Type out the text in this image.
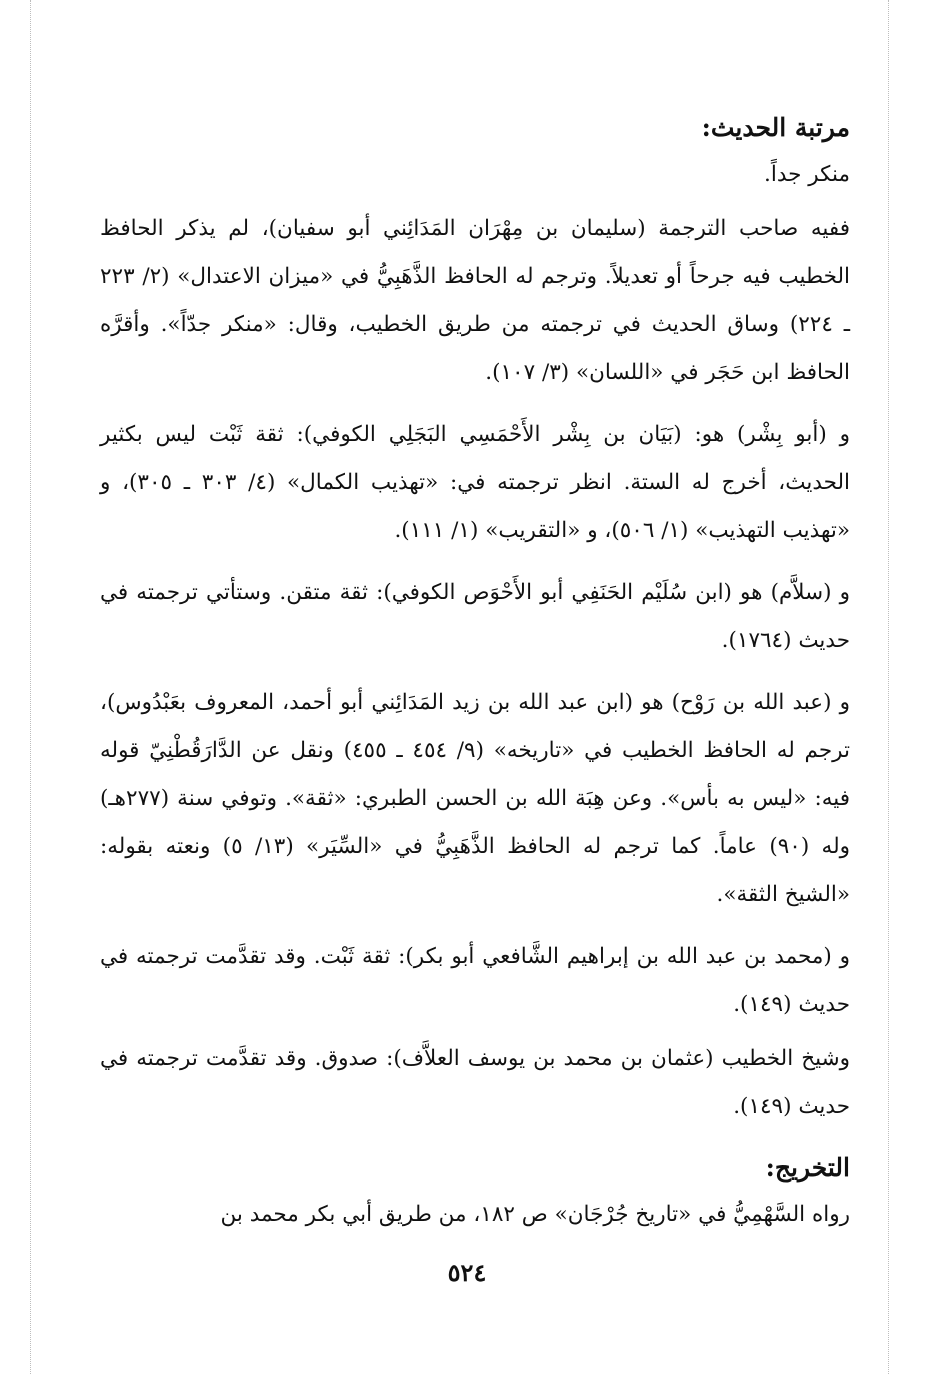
مرتبة الحديث:

منكر جداً.

ففيه صاحب الترجمة (سليمان بن مِهْرَان المَدَائِني أبو سفيان)، لم يذكر الحافظ الخطيب فيه جرحاً أو تعديلاً. وترجم له الحافظ الذَّهَبِيُّ في «ميزان الاعتدال» (٢/ ٢٢٣ ـ ٢٢٤) وساق الحديث في ترجمته من طريق الخطيب، وقال: «منكر جدّاً». وأقرَّه الحافظ ابن حَجَر في «اللسان» (٣/ ١٠٧).

و (أبو بِشْر) هو: (بَيَان بن بِشْر الأَحْمَسِي البَجَلِي الكوفي): ثقة ثَبْت ليس بكثير الحديث، أخرج له الستة. انظر ترجمته في: «تهذيب الكمال» (٤/ ٣٠٣ ـ ٣٠٥)، و «تهذيب التهذيب» (١/ ٥٠٦)، و «التقريب» (١/ ١١١).

و (سلاَّم) هو (ابن سُلَيْم الحَنَفِي أبو الأَحْوَص الكوفي): ثقة متقن. وستأتي ترجمته في حديث (١٧٦٤).

و (عبد الله بن رَوْح) هو (ابن عبد الله بن زيد المَدَائِني أبو أحمد، المعروف بعَبْدُوس)، ترجم له الحافظ الخطيب في «تاريخه» (٩/ ٤٥٤ ـ ٤٥٥) ونقل عن الدَّارَقُطْنِيّ قوله فيه: «ليس به بأس». وعن هِبَة الله بن الحسن الطبري: «ثقة». وتوفي سنة (٢٧٧هـ) وله (٩٠) عاماً. كما ترجم له الحافظ الذَّهَبِيُّ في «السِّيَر» (١٣/ ٥) ونعته بقوله: «الشيخ الثقة».

و (محمد بن عبد الله بن إبراهيم الشَّافعي أبو بكر): ثقة ثَبْت. وقد تقدَّمت ترجمته في حديث (١٤٩).

وشيخ الخطيب (عثمان بن محمد بن يوسف العلاَّف): صدوق. وقد تقدَّمت ترجمته في حديث (١٤٩).

التخريج:

رواه السَّهْمِيُّ في «تاريخ جُرْجَان» ص ١٨٢، من طريق أبي بكر محمد بن

٥٢٤
